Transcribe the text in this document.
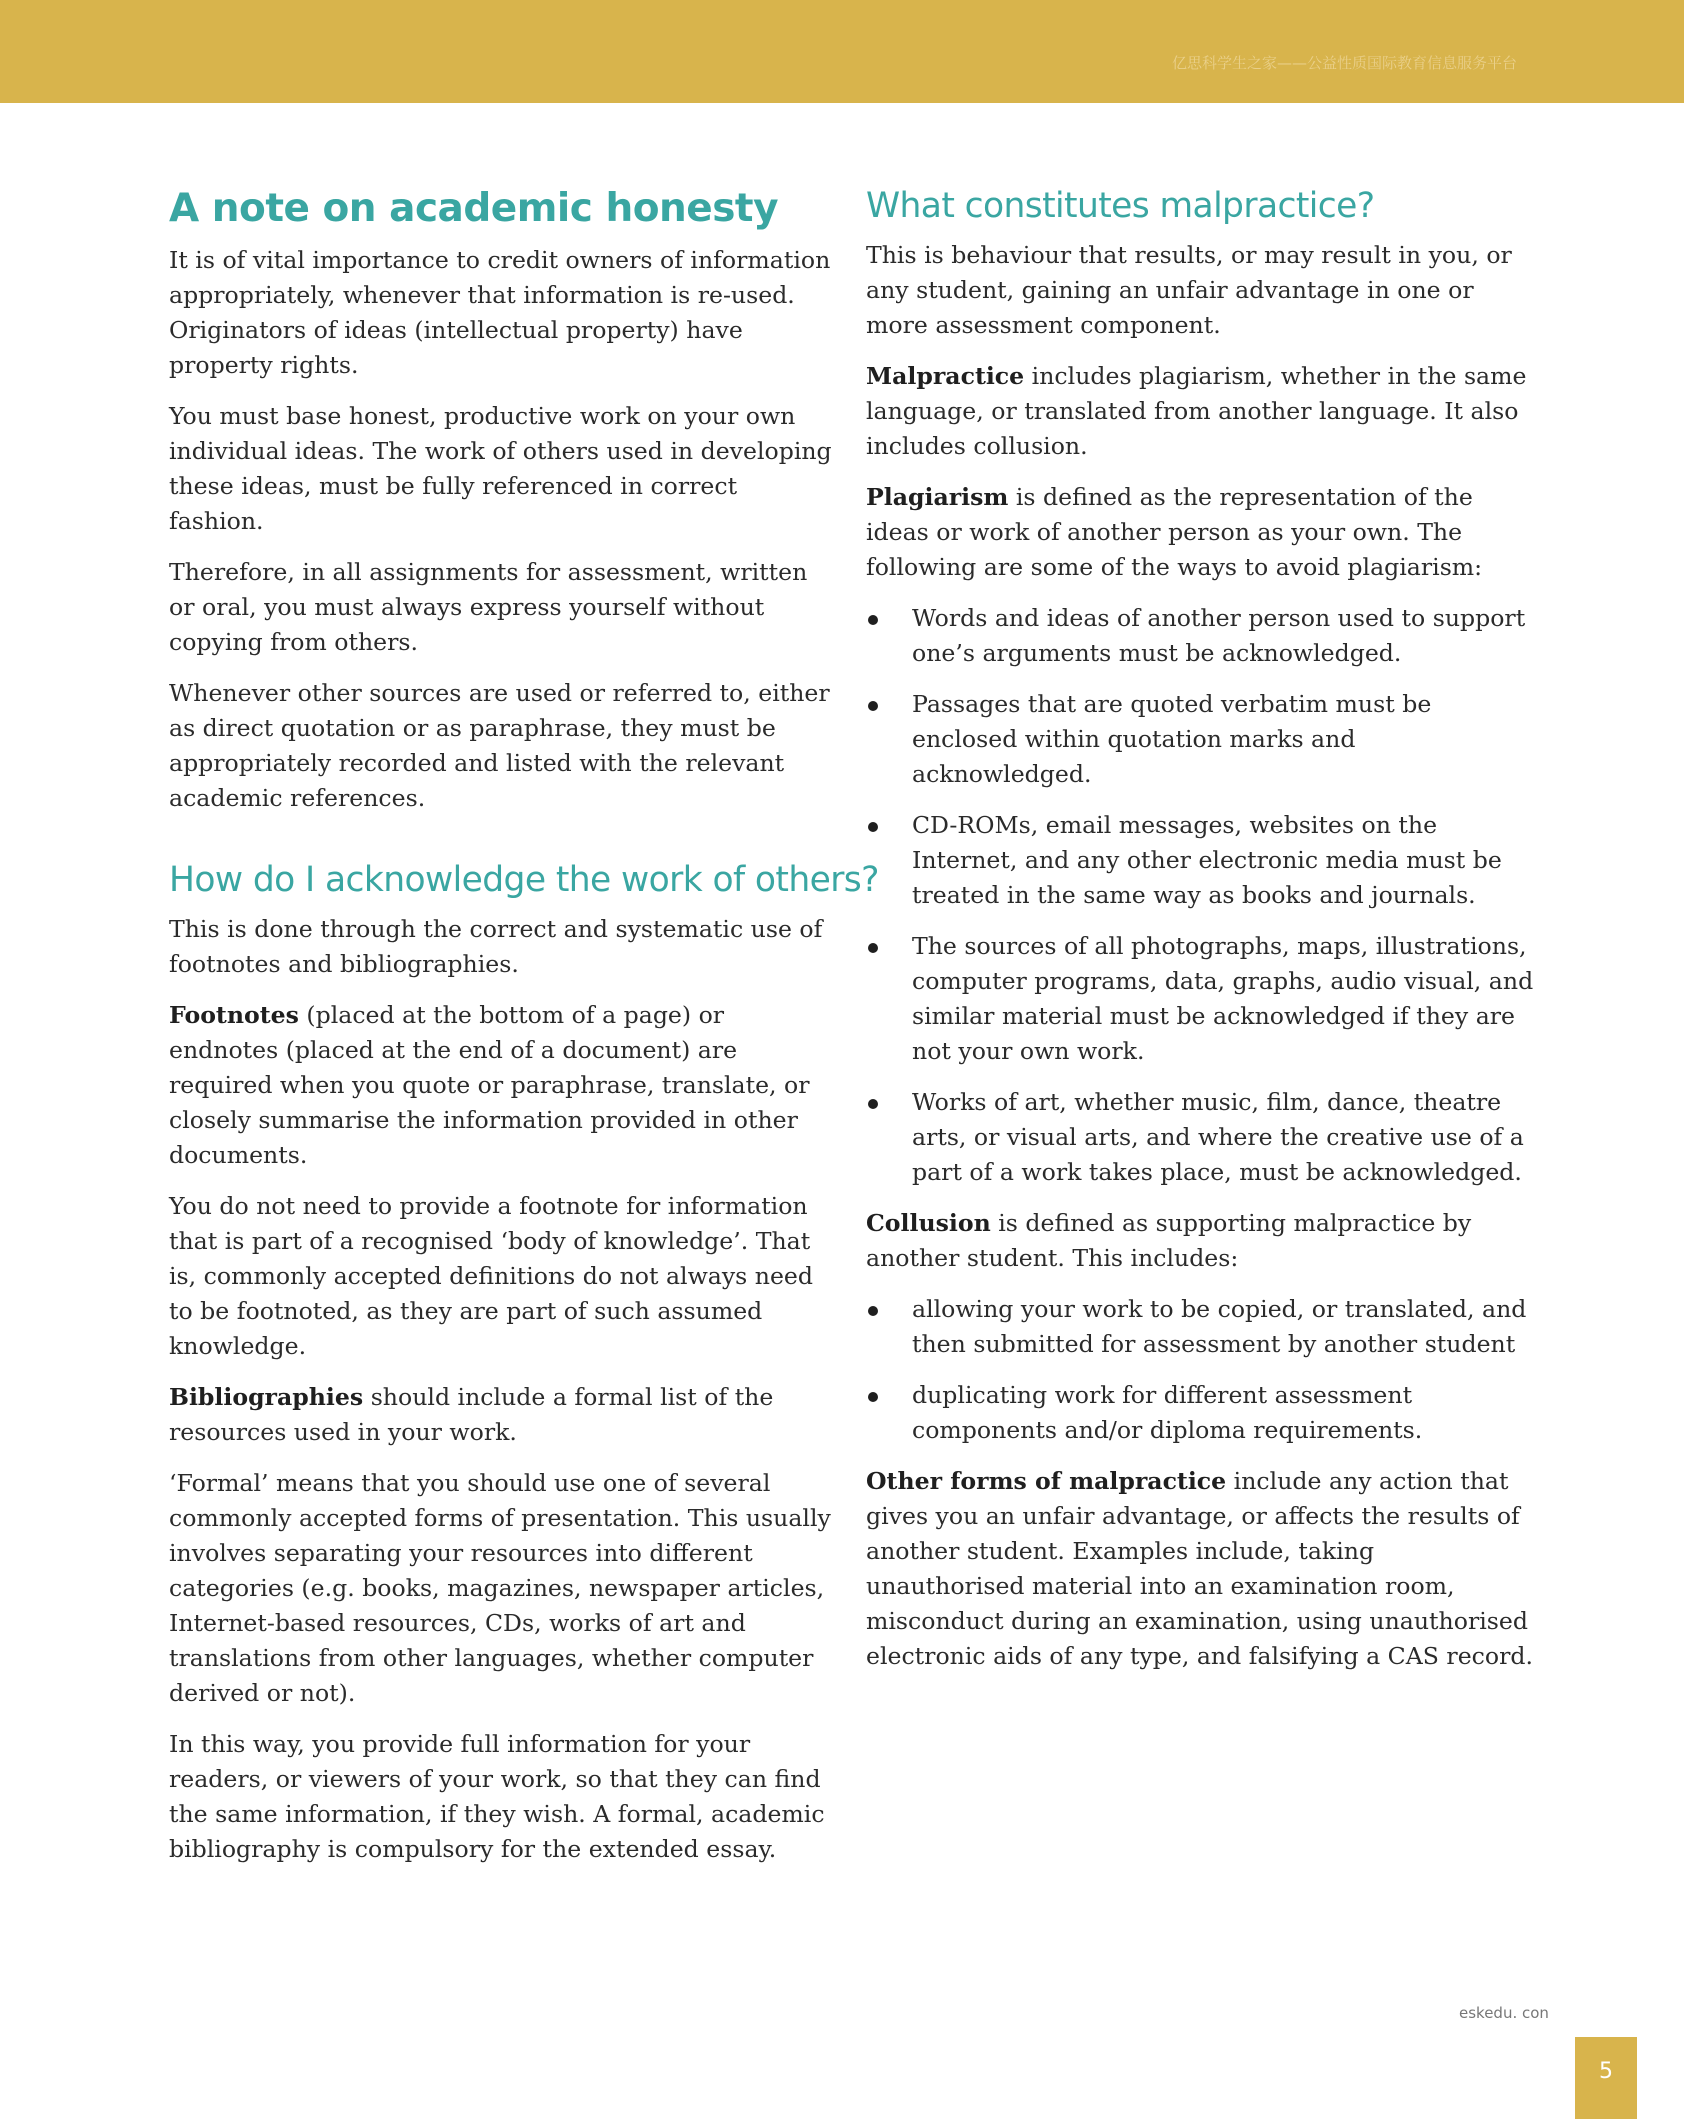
亿思科学生之家——公益性质国际教育信息服务平台
A note on academic honesty

It is of vital importance to credit owners of information appropriately, whenever that information is re-used. Originators of ideas (intellectual property) have property rights.

You must base honest, productive work on your own individual ideas. The work of others used in developing these ideas, must be fully referenced in correct fashion.

Therefore, in all assignments for assessment, written or oral, you must always express yourself without copying from others.

Whenever other sources are used or referred to, either as direct quotation or as paraphrase, they must be appropriately recorded and listed with the relevant academic references.

How do I acknowledge the work of others?

This is done through the correct and systematic use of footnotes and bibliographies.

Footnotes (placed at the bottom of a page) or endnotes (placed at the end of a document) are required when you quote or paraphrase, translate, or closely summarise the information provided in other documents.

You do not need to provide a footnote for information that is part of a recognised ‘body of knowledge’. That is, commonly accepted definitions do not always need to be footnoted, as they are part of such assumed knowledge.

Bibliographies should include a formal list of the resources used in your work.

‘Formal’ means that you should use one of several commonly accepted forms of presentation. This usually involves separating your resources into different categories (e.g. books, magazines, newspaper articles, Internet-based resources, CDs, works of art and translations from other languages, whether computer derived or not).

In this way, you provide full information for your readers, or viewers of your work, so that they can find the same information, if they wish. A formal, academic bibliography is compulsory for the extended essay.

What constitutes malpractice?

This is behaviour that results, or may result in you, or any student, gaining an unfair advantage in one or more assessment component.

Malpractice includes plagiarism, whether in the same language, or translated from another language. It also includes collusion.

Plagiarism is defined as the representation of the ideas or work of another person as your own. The following are some of the ways to avoid plagiarism:

Words and ideas of another person used to support one’s arguments must be acknowledged.
Passages that are quoted verbatim must be enclosed within quotation marks and acknowledged.
CD-ROMs, email messages, websites on the Internet, and any other electronic media must be treated in the same way as books and journals.
The sources of all photographs, maps, illustrations, computer programs, data, graphs, audio visual, and similar material must be acknowledged if they are not your own work.
Works of art, whether music, film, dance, theatre arts, or visual arts, and where the creative use of a part of a work takes place, must be acknowledged.

Collusion is defined as supporting malpractice by another student. This includes:

allowing your work to be copied, or translated, and then submitted for assessment by another student
duplicating work for different assessment components and/or diploma requirements.

Other forms of malpractice include any action that gives you an unfair advantage, or affects the results of another student. Examples include, taking unauthorised material into an examination room, misconduct during an examination, using unauthorised electronic aids of any type, and falsifying a CAS record.

eskedu. con
5
